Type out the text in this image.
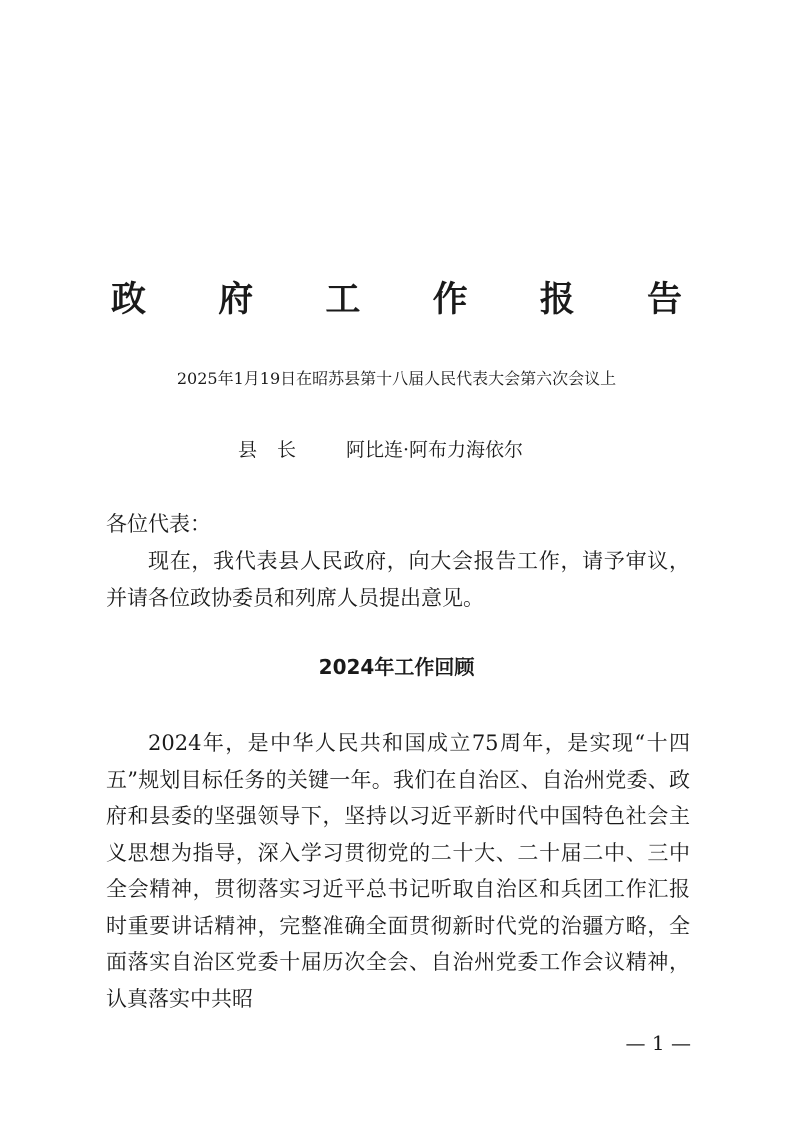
政 府 工 作 报 告
2025年1月19日在昭苏县第十八届人民代表大会第六次会议上
县长 阿比连·阿布力海依尔
各位代表：

现在，我代表县人民政府，向大会报告工作，请予审议，并请各位政协委员和列席人员提出意见。

2024年工作回顾

2024年，是中华人民共和国成立75周年，是实现“十四五”规划目标任务的关键一年。我们在自治区、自治州党委、政府和县委的坚强领导下，坚持以习近平新时代中国特色社会主义思想为指导，深入学习贯彻党的二十大、二十届二中、三中全会精神，贯彻落实习近平总书记听取自治区和兵团工作汇报时重要讲话精神，完整准确全面贯彻新时代党的治疆方略，全面落实自治区党委十届历次全会、自治州党委工作会议精神，认真落实中共昭

— 1 —
